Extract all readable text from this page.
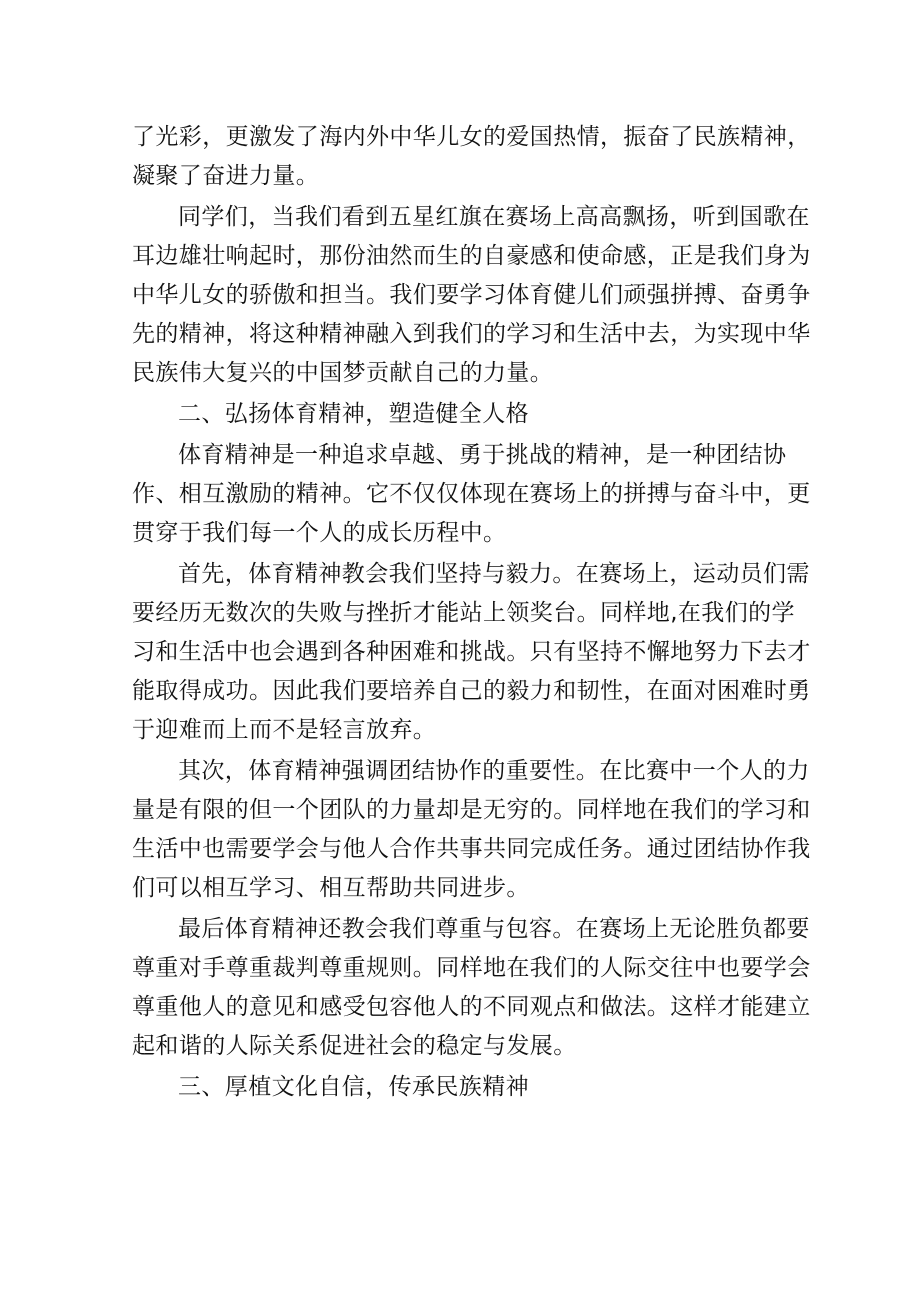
了光彩，更激发了海内外中华儿女的爱国热情，振奋了民族精神，凝聚了奋进力量。

同学们，当我们看到五星红旗在赛场上高高飘扬，听到国歌在耳边雄壮响起时，那份油然而生的自豪感和使命感，正是我们身为中华儿女的骄傲和担当。我们要学习体育健儿们顽强拼搏、奋勇争先的精神，将这种精神融入到我们的学习和生活中去，为实现中华民族伟大复兴的中国梦贡献自己的力量。

二、弘扬体育精神，塑造健全人格

体育精神是一种追求卓越、勇于挑战的精神，是一种团结协作、相互激励的精神。它不仅仅体现在赛场上的拼搏与奋斗中，更贯穿于我们每一个人的成长历程中。

首先，体育精神教会我们坚持与毅力。在赛场上，运动员们需要经历无数次的失败与挫折才能站上领奖台。同样地,在我们的学习和生活中也会遇到各种困难和挑战。只有坚持不懈地努力下去才能取得成功。因此我们要培养自己的毅力和韧性，在面对困难时勇于迎难而上而不是轻言放弃。

其次，体育精神强调团结协作的重要性。在比赛中一个人的力量是有限的但一个团队的力量却是无穷的。同样地在我们的学习和生活中也需要学会与他人合作共事共同完成任务。通过团结协作我们可以相互学习、相互帮助共同进步。

最后体育精神还教会我们尊重与包容。在赛场上无论胜负都要尊重对手尊重裁判尊重规则。同样地在我们的人际交往中也要学会尊重他人的意见和感受包容他人的不同观点和做法。这样才能建立起和谐的人际关系促进社会的稳定与发展。

三、厚植文化自信，传承民族精神
